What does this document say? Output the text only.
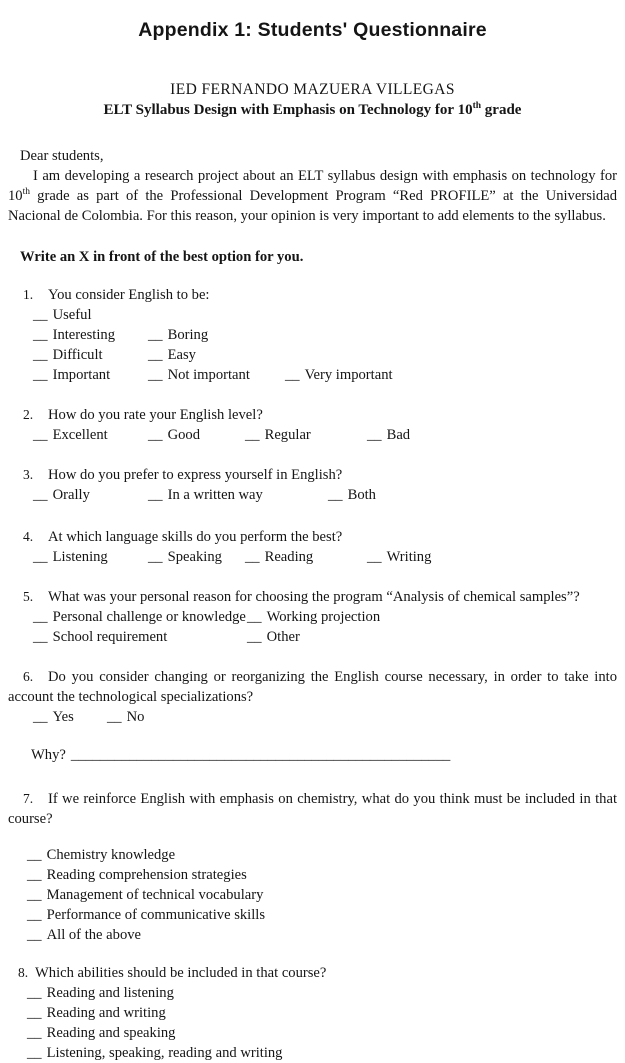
Appendix 1: Students' Questionnaire
IED FERNANDO MAZUERA VILLEGAS
ELT Syllabus Design with Emphasis on Technology for 10th grade

Dear students,

I am developing a research project about an ELT syllabus design with emphasis on technology for 10th grade as part of the Professional Development Program “Red PROFILE” at the Universidad Nacional de Colombia. For this reason, your opinion is very important to add elements to the syllabus.

Write an X in front of the best option for you.

1. You consider English to be:

__ Useful
__ Interesting __ Boring
__ Difficult	__ Easy
__ Important	__ Not important __ Very important

2. How do you rate your English level?

__ Excellent	__ Good	__ Regular	__ Bad

3. How do you prefer to express yourself in English?

__ Orally	__ In a written way	__ Both

4. At which language skills do you perform the best?

__ Listening	__ Speaking __ Reading	__ Writing

5. What was your personal reason for choosing the program “Analysis of chemical samples”?

__ Personal challenge or knowledge __ Working projection
__ School requirement	__ Other

6. Do you consider changing or reorganizing the English course necessary, in order to take into account the technological specializations?

__ Yes __ No

Why? ____________________________________________________

7. If we reinforce English with emphasis on chemistry, what do you think must be included in that course?

__ Chemistry knowledge
__ Reading comprehension strategies
__ Management of technical vocabulary
__ Performance of communicative skills
__ All of the above

8. Which abilities should be included in that course?

__ Reading and listening
__ Reading and writing
__ Reading and speaking
__ Listening, speaking, reading and writing
